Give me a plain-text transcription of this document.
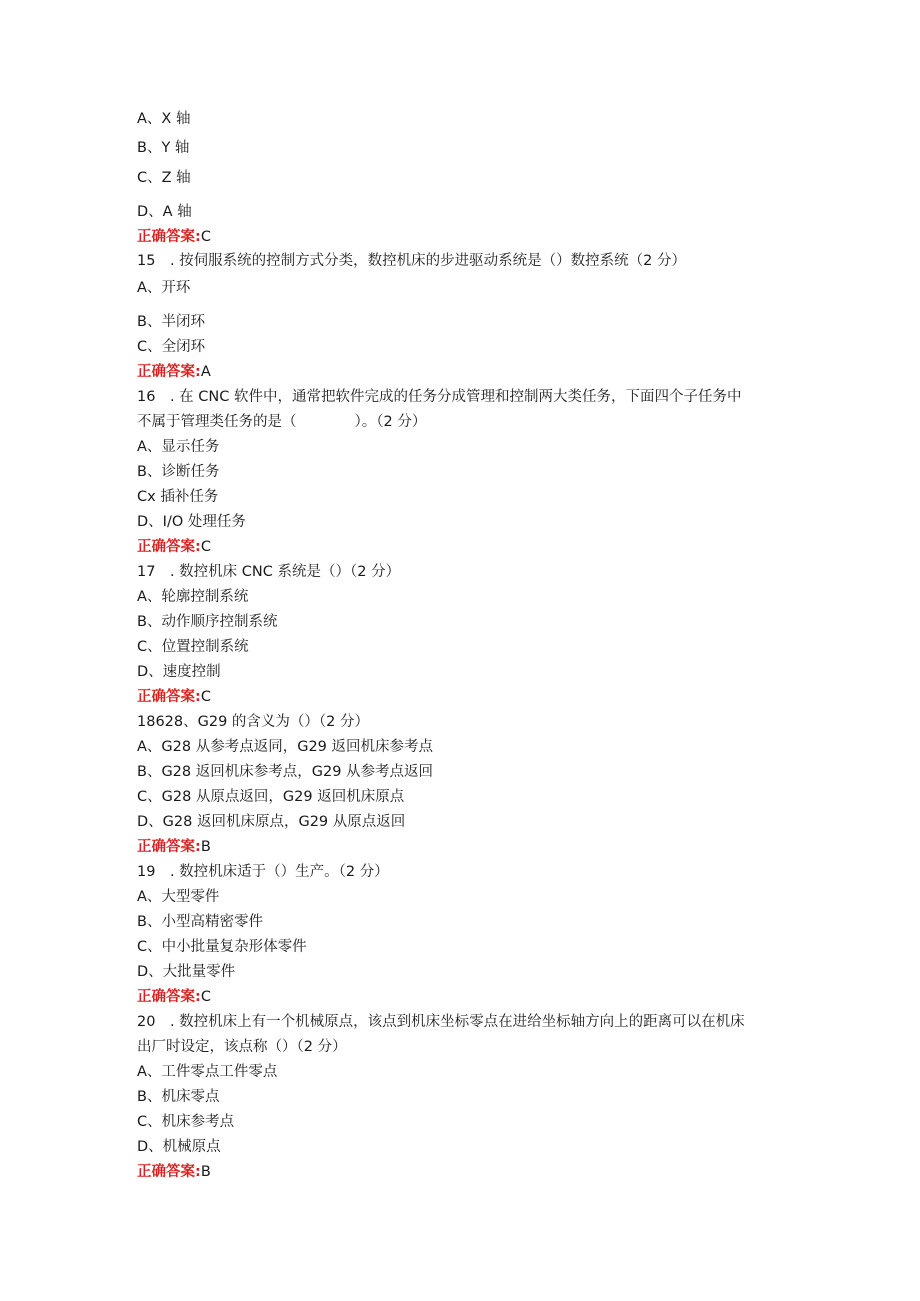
A、X 轴
B、Y 轴
C、Z 轴
D、A 轴
正确答案:C
15　. 按伺服系统的控制方式分类，数控机床的步进驱动系统是（）数控系统（2 分）
A、开环
B、半闭环
C、全闭环
正确答案:A
16　. 在 CNC 软件中，通常把软件完成的任务分成管理和控制两大类任务，下面四个子任务中
不属于管理类任务的是（　　　　）。（2 分）
A、显示任务
B、诊断任务
Cx 插补任务
D、I/O 处理任务
正确答案:C
17　. 数控机床 CNC 系统是（）（2 分）
A、轮廓控制系统
B、动作顺序控制系统
C、位置控制系统
D、速度控制
正确答案:C
18628、G29 的含义为（）（2 分）
A、G28 从参考点返同，G29 返回机床参考点
B、G28 返回机床参考点，G29 从参考点返回
C、G28 从原点返回，G29 返回机床原点
D、G28 返回机床原点，G29 从原点返回
正确答案:B
19　. 数控机床适于（）生产。（2 分）
A、大型零件
B、小型高精密零件
C、中小批量复杂形体零件
D、大批量零件
正确答案:C
20　. 数控机床上有一个机械原点，该点到机床坐标零点在进给坐标轴方向上的距离可以在机床
出厂时设定，该点称（）（2 分）
A、工件零点工件零点
B、机床零点
C、机床参考点
D、机械原点
正确答案:B
